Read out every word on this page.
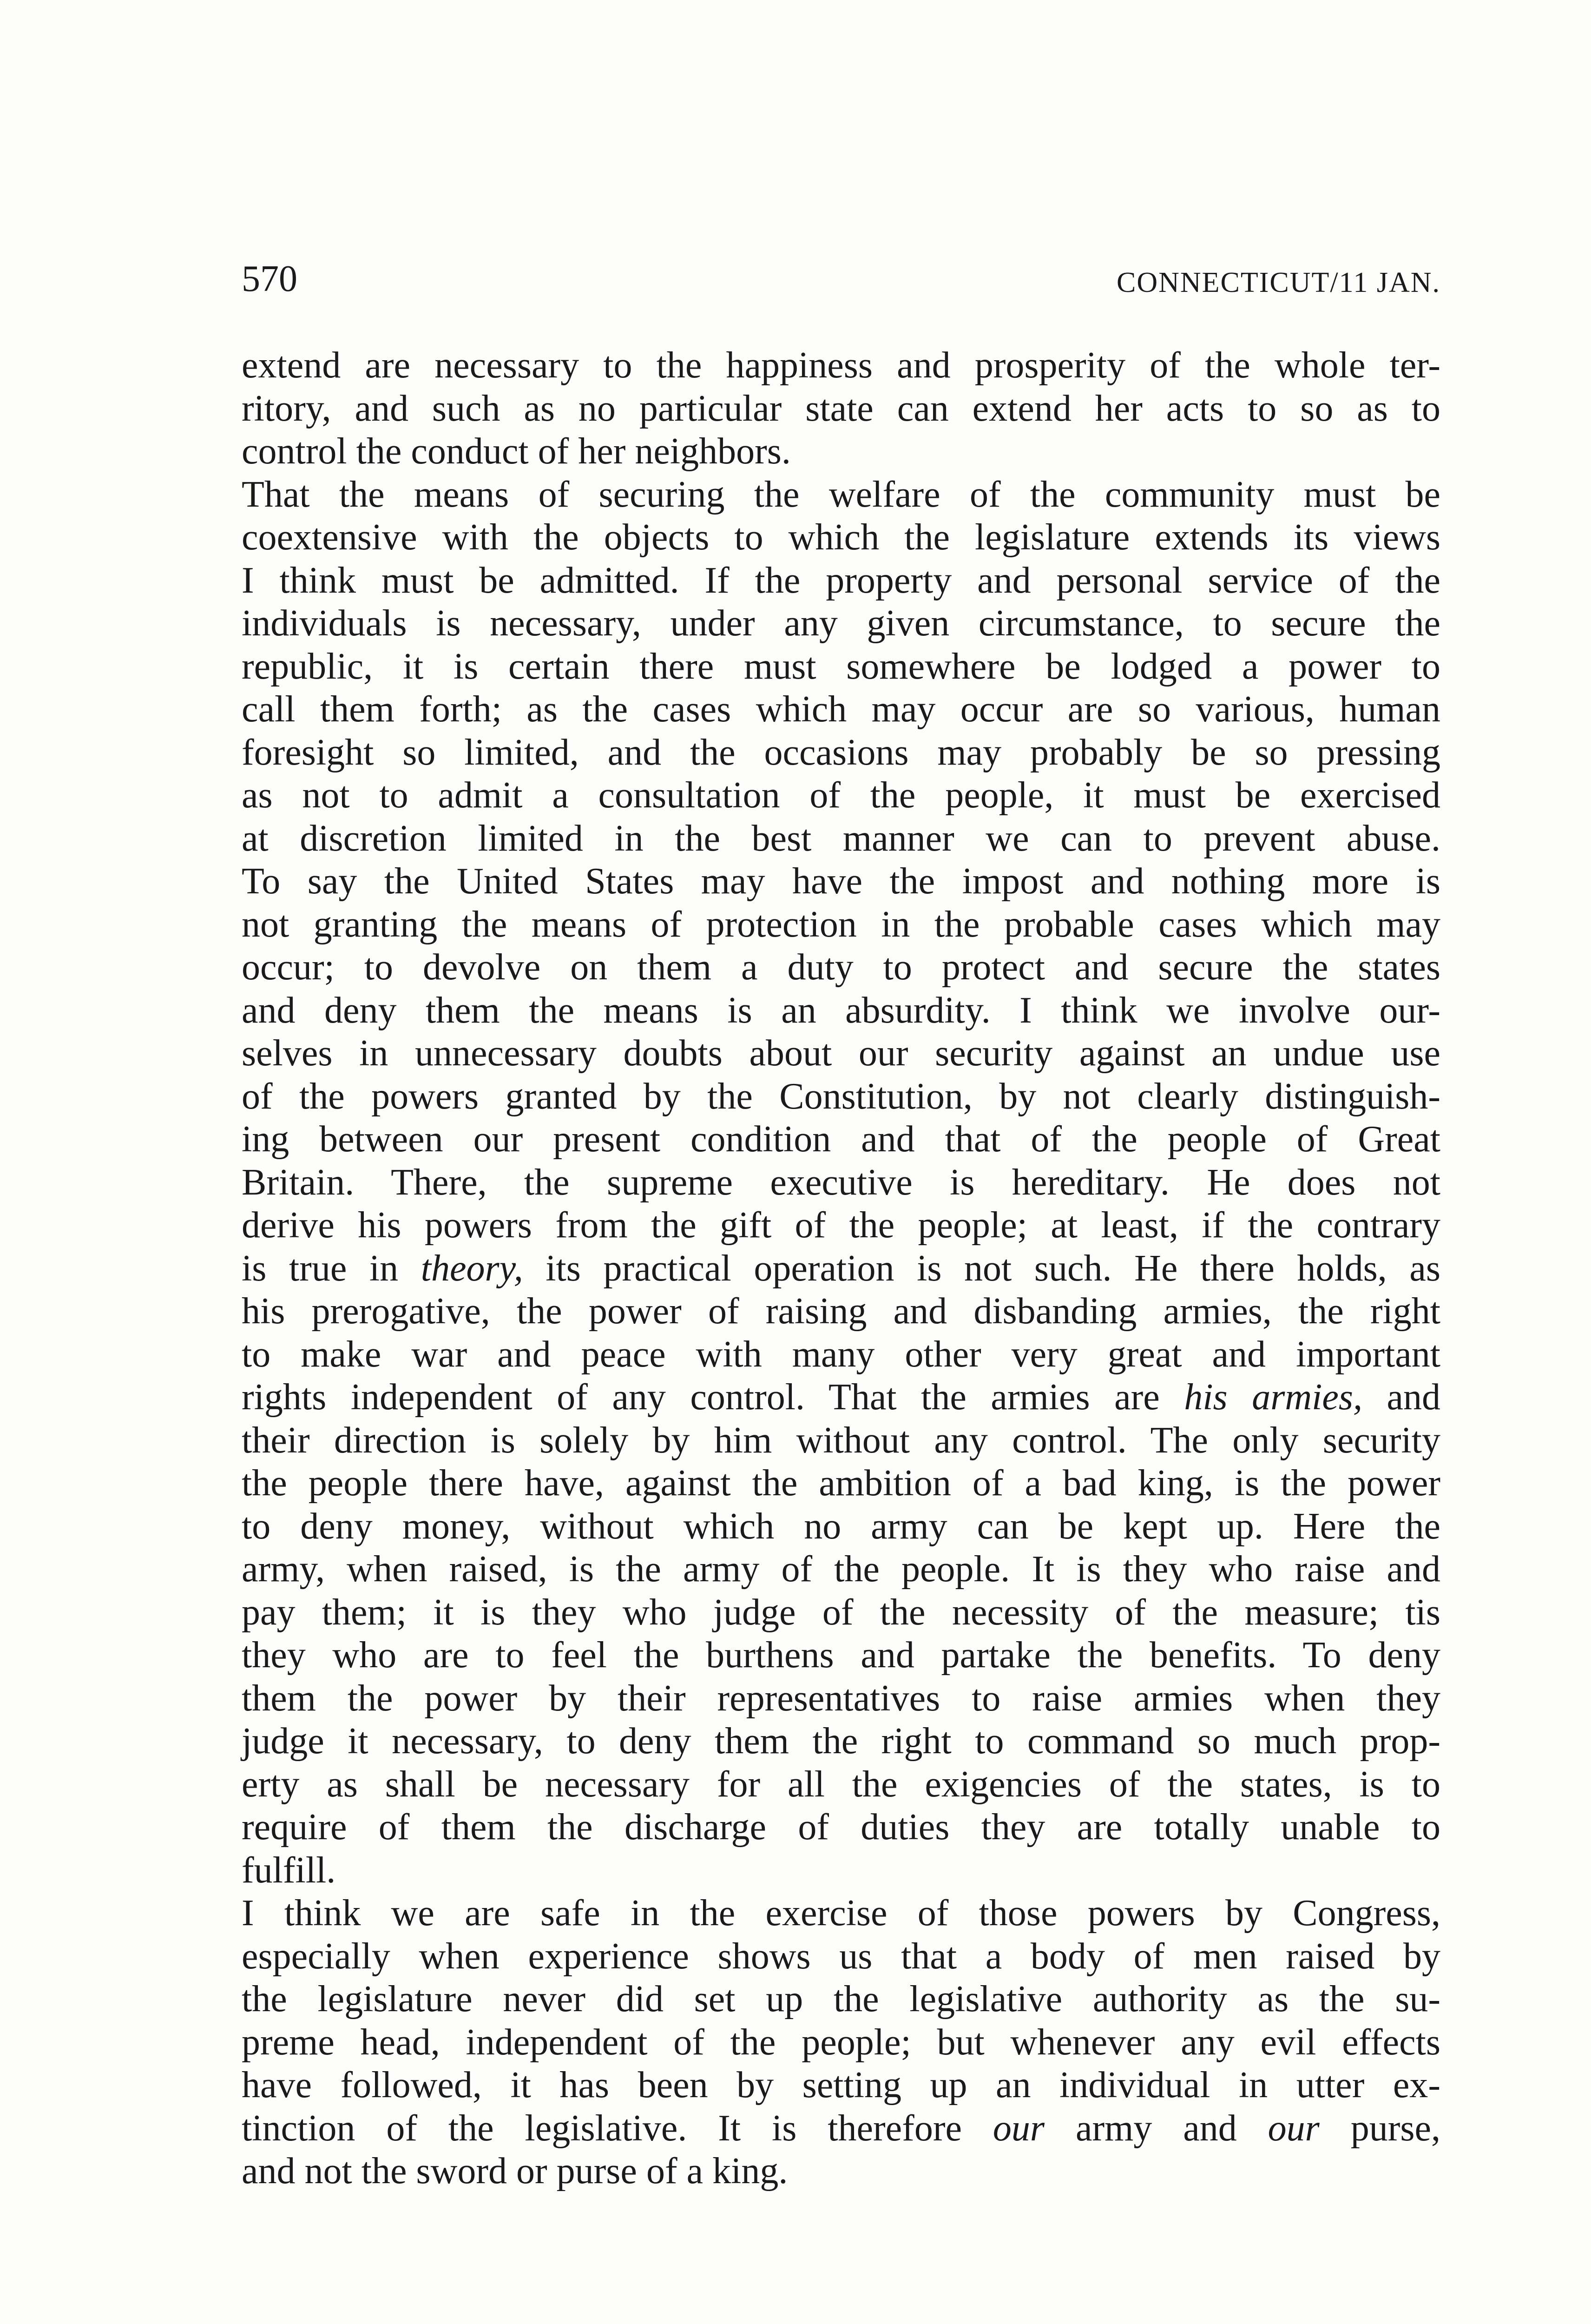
570	CONNECTICUT/11 JAN.

extend are necessary to the happiness and prosperity of the whole ter-
ritory, and such as no particular state can extend her acts to so as to
control the conduct of her neighbors.

That the means of securing the welfare of the community must be
coextensive with the objects to which the legislature extends its views
I think must be admitted. If the property and personal service of the
individuals is necessary, under any given circumstance, to secure the
republic, it is certain there must somewhere be lodged a power to
call them forth; as the cases which may occur are so various, human
foresight so limited, and the occasions may probably be so pressing
as not to admit a consultation of the people, it must be exercised
at discretion limited in the best manner we can to prevent abuse.
To say the United States may have the impost and nothing more is
not granting the means of protection in the probable cases which may
occur; to devolve on them a duty to protect and secure the states
and deny them the means is an absurdity. I think we involve our-
selves in unnecessary doubts about our security against an undue use
of the powers granted by the Constitution, by not clearly distinguish-
ing between our present condition and that of the people of Great
Britain. There, the supreme executive is hereditary. He does not
derive his powers from the gift of the people; at least, if the contrary
is true in theory, its practical operation is not such. He there holds, as
his prerogative, the power of raising and disbanding armies, the right
to make war and peace with many other very great and important
rights independent of any control. That the armies are his armies, and
their direction is solely by him without any control. The only security
the people there have, against the ambition of a bad king, is the power
to deny money, without which no army can be kept up. Here the
army, when raised, is the army of the people. It is they who raise and
pay them; it is they who judge of the necessity of the measure; tis
they who are to feel the burthens and partake the benefits. To deny
them the power by their representatives to raise armies when they
judge it necessary, to deny them the right to command so much prop-
erty as shall be necessary for all the exigencies of the states, is to
require of them the discharge of duties they are totally unable to
fulfill.

I think we are safe in the exercise of those powers by Congress,
especially when experience shows us that a body of men raised by
the legislature never did set up the legislative authority as the su-
preme head, independent of the people; but whenever any evil effects
have followed, it has been by setting up an individual in utter ex-
tinction of the legislative. It is therefore our army and our purse,
and not the sword or purse of a king.
